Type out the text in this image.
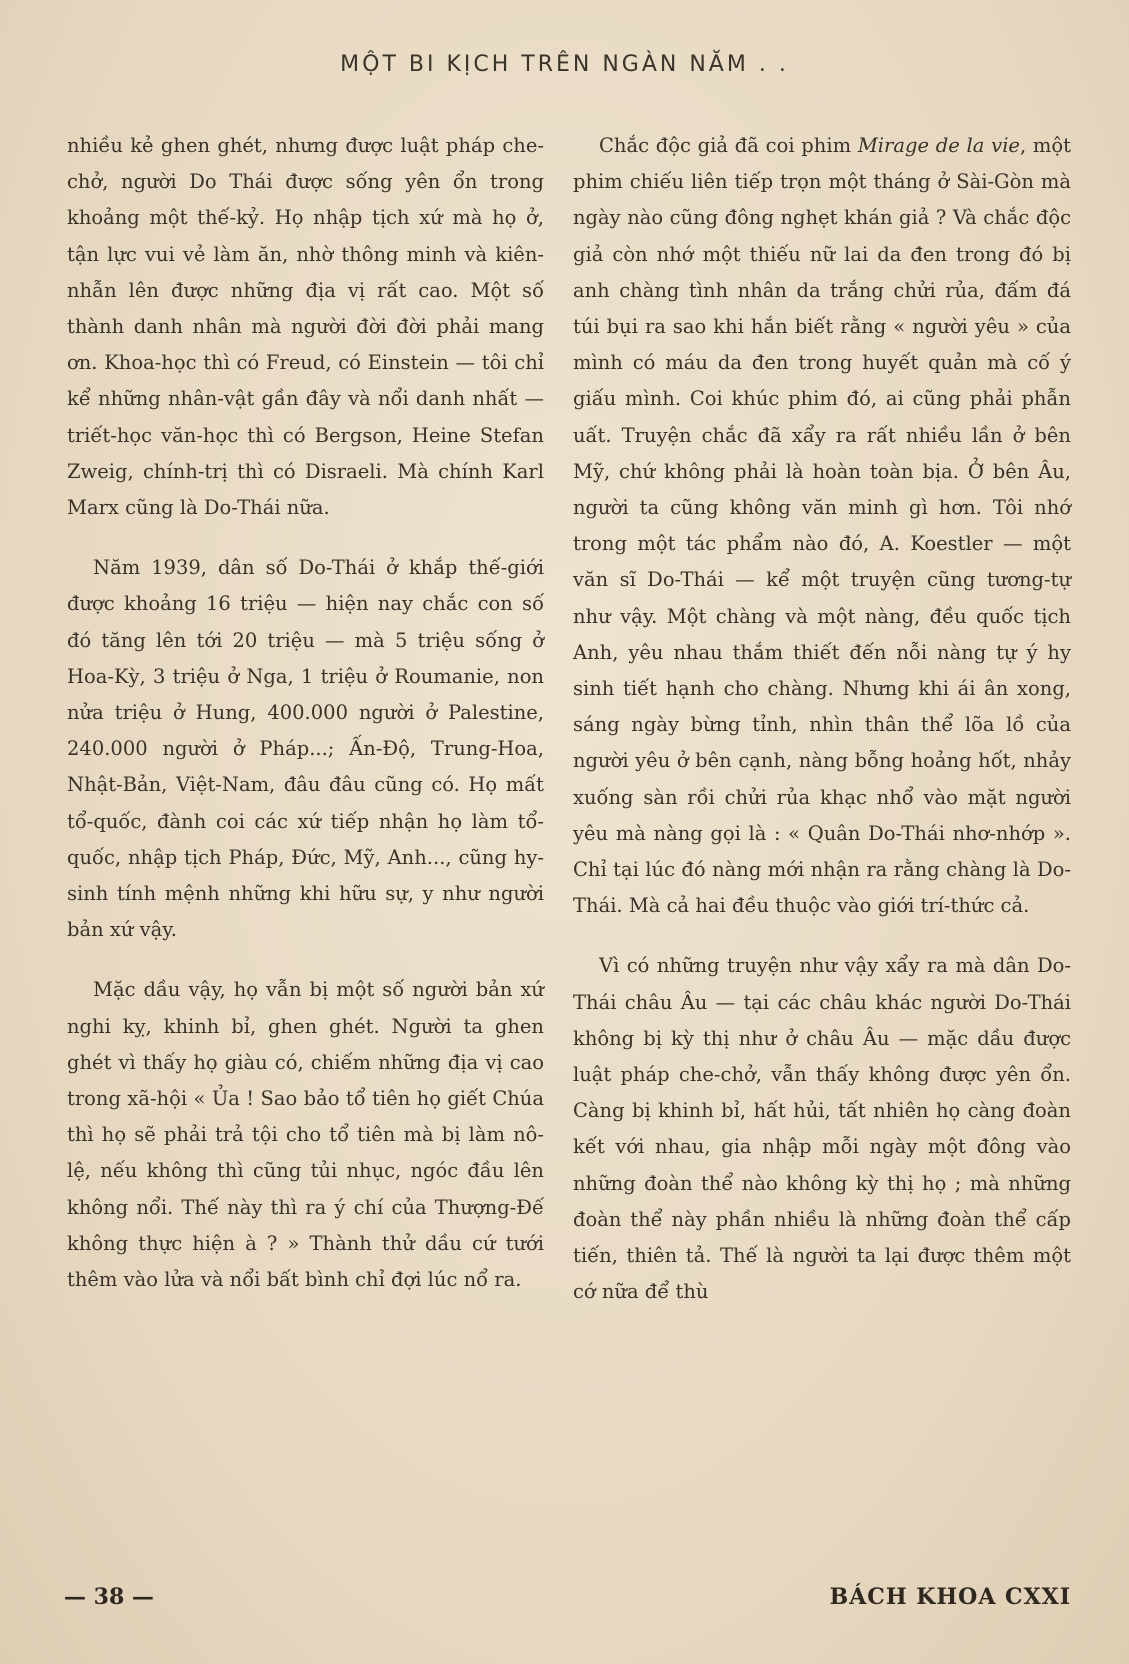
MỘT BI KỊCH TRÊN NGÀN NĂM . .

nhiều kẻ ghen ghét, nhưng được luật pháp che-chở, người Do Thái được sống yên ổn trong khoảng một thế-kỷ. Họ nhập tịch xứ mà họ ở, tận lực vui vẻ làm ăn, nhờ thông minh và kiên-nhẫn lên được những địa vị rất cao. Một số thành danh nhân mà người đời đời phải mang ơn. Khoa-học thì có Freud, có Einstein — tôi chỉ kể những nhân-vật gần đây và nổi danh nhất — triết-học văn-học thì có Bergson, Heine Stefan Zweig, chính-trị thì có Disraeli. Mà chính Karl Marx cũng là Do-Thái nữa.

Năm 1939, dân số Do-Thái ở khắp thế-giới được khoảng 16 triệu — hiện nay chắc con số đó tăng lên tới 20 triệu — mà 5 triệu sống ở Hoa-Kỳ, 3 triệu ở Nga, 1 triệu ở Roumanie, non nửa triệu ở Hung, 400.000 người ở Palestine, 240.000 người ở Pháp...; Ấn-Độ, Trung-Hoa, Nhật-Bản, Việt-Nam, đâu đâu cũng có. Họ mất tổ-quốc, đành coi các xứ tiếp nhận họ làm tổ-quốc, nhập tịch Pháp, Đức, Mỹ, Anh..., cũng hy-sinh tính mệnh những khi hữu sự, y như người bản xứ vậy.

Mặc dầu vậy, họ vẫn bị một số người bản xứ nghi kỵ, khinh bỉ, ghen ghét. Người ta ghen ghét vì thấy họ giàu có, chiếm những địa vị cao trong xã-hội « Ủa ! Sao bảo tổ tiên họ giết Chúa thì họ sẽ phải trả tội cho tổ tiên mà bị làm nô-lệ, nếu không thì cũng tủi nhục, ngóc đầu lên không nổi. Thế này thì ra ý chí của Thượng-Đế không thực hiện à ? » Thành thử dầu cứ tưới thêm vào lửa và nổi bất bình chỉ đợi lúc nổ ra.

Chắc độc giả đã coi phim Mirage de la vie, một phim chiếu liên tiếp trọn một tháng ở Sài-Gòn mà ngày nào cũng đông nghẹt khán giả ? Và chắc độc giả còn nhớ một thiếu nữ lai da đen trong đó bị anh chàng tình nhân da trắng chửi rủa, đấm đá túi bụi ra sao khi hắn biết rằng « người yêu » của mình có máu da đen trong huyết quản mà cố ý giấu mình. Coi khúc phim đó, ai cũng phải phẫn uất. Truyện chắc đã xẩy ra rất nhiều lần ở bên Mỹ, chứ không phải là hoàn toàn bịa. Ở bên Âu, người ta cũng không văn minh gì hơn. Tôi nhớ trong một tác phẩm nào đó, A. Koestler — một văn sĩ Do-Thái — kể một truyện cũng tương-tự như vậy. Một chàng và một nàng, đều quốc tịch Anh, yêu nhau thắm thiết đến nỗi nàng tự ý hy sinh tiết hạnh cho chàng. Nhưng khi ái ân xong, sáng ngày bừng tỉnh, nhìn thân thể lõa lồ của người yêu ở bên cạnh, nàng bỗng hoảng hốt, nhảy xuống sàn rồi chửi rủa khạc nhổ vào mặt người yêu mà nàng gọi là : « Quân Do-Thái nhơ-nhớp ». Chỉ tại lúc đó nàng mới nhận ra rằng chàng là Do-Thái. Mà cả hai đều thuộc vào giới trí-thức cả.

Vì có những truyện như vậy xẩy ra mà dân Do-Thái châu Âu — tại các châu khác người Do-Thái không bị kỳ thị như ở châu Âu — mặc dầu được luật pháp che-chở, vẫn thấy không được yên ổn. Càng bị khinh bỉ, hất hủi, tất nhiên họ càng đoàn kết với nhau, gia nhập mỗi ngày một đông vào những đoàn thể nào không kỳ thị họ ; mà những đoàn thể này phần nhiều là những đoàn thể cấp tiến, thiên tả. Thế là người ta lại được thêm một cớ nữa để thù

— 38 —	BÁCH KHOA CXXI
